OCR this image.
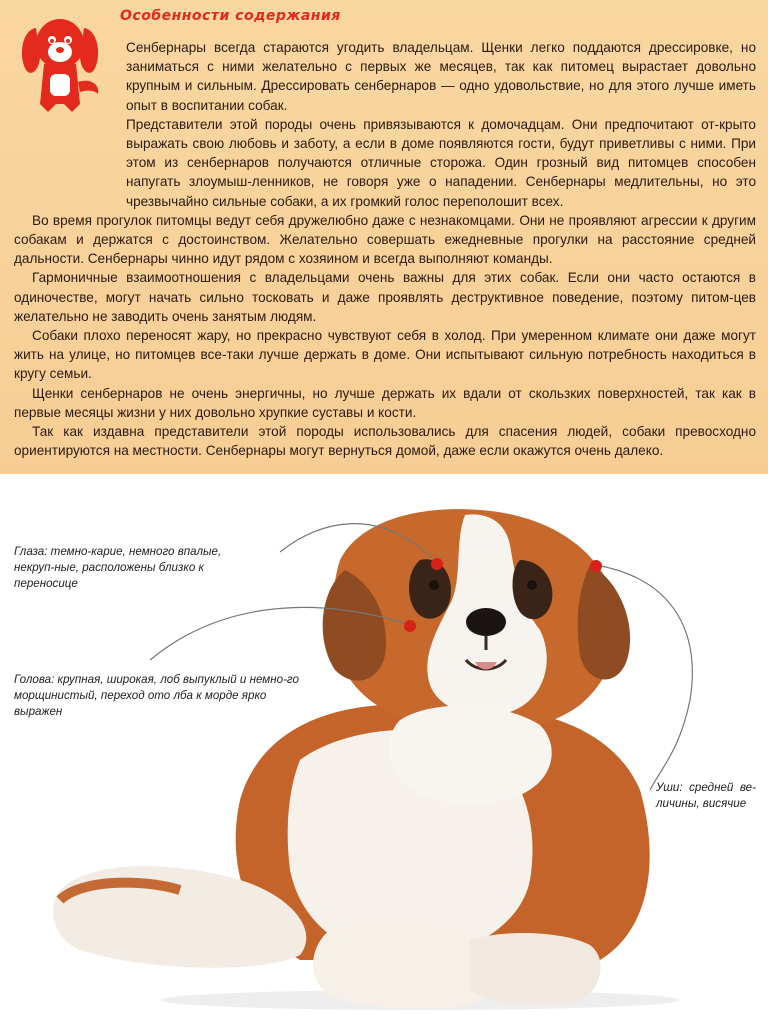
Особенности содержания

Сенбернары всегда стараются угодить владельцам. Щенки легко поддаются дрессировке, но заниматься с ними желательно с первых же месяцев, так как питомец вырастает довольно крупным и сильным. Дрессировать сенбернаров — одно удовольствие, но для этого лучше иметь опыт в воспитании собак.

Представители этой породы очень привязываются к домочадцам. Они предпочитают от-крыто выражать свою любовь и заботу, а если в доме появляются гости, будут приветливы с ними. При этом из сенбернаров получаются отличные сторожа. Один грозный вид питомцев способен напугать злоумыш-ленников, не говоря уже о нападении. Сенбернары медлительны, но это чрезвычайно сильные собаки, а их громкий голос переполошит всех.

Во время прогулок питомцы ведут себя дружелюбно даже с незнакомцами. Они не проявляют агрессии к другим собакам и держатся с достоинством. Желательно совершать ежедневные прогулки на расстояние средней дальности. Сенбернары чинно идут рядом с хозяином и всегда выполняют команды.

Гармоничные взаимоотношения с владельцами очень важны для этих собак. Если они часто остаются в одиночестве, могут начать сильно тосковать и даже проявлять деструктивное поведение, поэтому питом-цев желательно не заводить очень занятым людям.

Собаки плохо переносят жару, но прекрасно чувствуют себя в холод. При умеренном климате они даже могут жить на улице, но питомцев все-таки лучше держать в доме. Они испытывают сильную потребность находиться в кругу семьи.

Щенки сенбернаров не очень энергичны, но лучше держать их вдали от скользких поверхностей, так как в первые месяцы жизни у них довольно хрупкие суставы и кости.

Так как издавна представители этой породы использовались для спасения людей, собаки превосходно ориентируются на местности. Сенбернары могут вернуться домой, даже если окажутся очень далеко.

Глаза: темно-карие, немного впалые, некруп-ные, расположены близко к переносице

Голова: крупная, широкая, лоб выпуклый и немно-го морщинистый, переход ото лба к морде ярко выражен

Уши: средней ве-личины, висячие
